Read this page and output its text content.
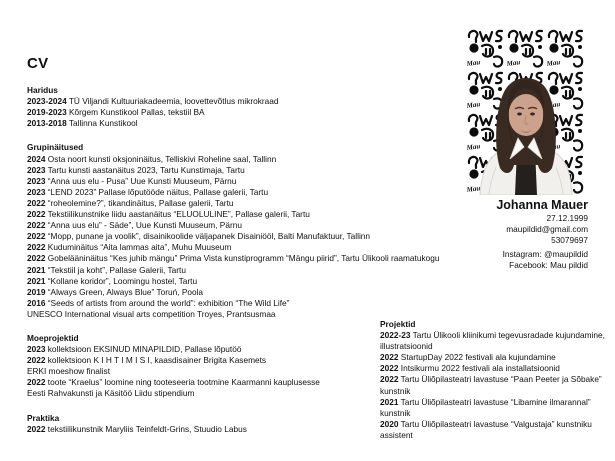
CV
Haridus
2023-2024 TÜ Viljandi Kultuuriakadeemia, loovettevõtlus mikrokraad
2019-2023 Kõrgem Kunstikool Pallas, tekstiil BA
2013-2018 Tallinna Kunstikool
Grupinäitused
2024 Osta noort kunsti oksjoninäitus, Telliskivi Roheline saal, Tallinn
2023 Tartu kunsti aastanäitus 2023, Tartu Kunstimaja, Tartu
2023 “Anna uus elu - Pusa” Uue Kunsti Muuseum, Pärnu
2023 “LEND 2023” Pallase lõputööde näitus, Pallase galerii, Tartu
2022 “roheolemine?”, tikandinäitus, Pallase galerii, Tartu
2022 Tekstiilikunstnike liidu aastanäitus “ELUOLULINE”, Pallase galerii, Tartu
2022 “Anna uus elu” - Säde”, Uue Kunsti Muuseum, Pärnu
2022 “Mopp, punane ja voolik”, disainikoolide väljapanek Disainiööl, Balti Manufaktuur, Tallinn
2022 Kuduminäitus “Aita lammas aita”, Muhu Muuseum
2022 Gobelääninäitus “Kes juhib mängu” Prima Vista kunstiprogramm “Mängu piirid”, Tartu Ülikooli raamatukogu
2021 “Tekstiil ja koht”, Pallase Galerii, Tartu
2021 “Kollane koridor”, Loomingu hostel, Tartu
2019 “Always Green, Always Blue” Toruń, Poola
2016 “Seeds of artists from around the world”: exhibition “The Wild Life”
UNESCO International visual arts competition Troyes, Prantsusmaa
Moeprojektid
2023 kollektsioon EKSINUD MINAPILDID, Pallase lõputöö
2022 kollektsioon K I H T I M I S I, kaasdisainer Brigita Kasemets
ERKI moeshow finalist
2022 toote “Kraelus” loomine ning tooteseeria tootmine Kaarmanni kauplusesse
Eesti Rahvakunsti ja Käsitöö Liidu stipendium
Praktika
2022 tekstiilikunstnik Maryliis Teinfeldt-Grins, Stuudio Labus
Johanna Mauer
27.12.1999
maupildid@gmail.com
53079697
Instagram: @maupildid
Facebook: Mau pildid
Projektid
2022-23 Tartu Ülikooli kliinikumi tegevusradade kujundamine, illustratsioonid
2022 StartupDay 2022 festivali ala kujundamine
2022 Intsikurmu 2022 festivali ala installatsioonid
2022 Tartu Üliõpilasteatri lavastuse “Paan Peeter ja Sõbake” kunstnik
2021 Tartu Üliõpilasteatri lavastuse “Libamine ilmarannal” kunstnik
2020 Tartu Üliõpilasteatri lavastuse “Valgustaja” kunstniku assistent
